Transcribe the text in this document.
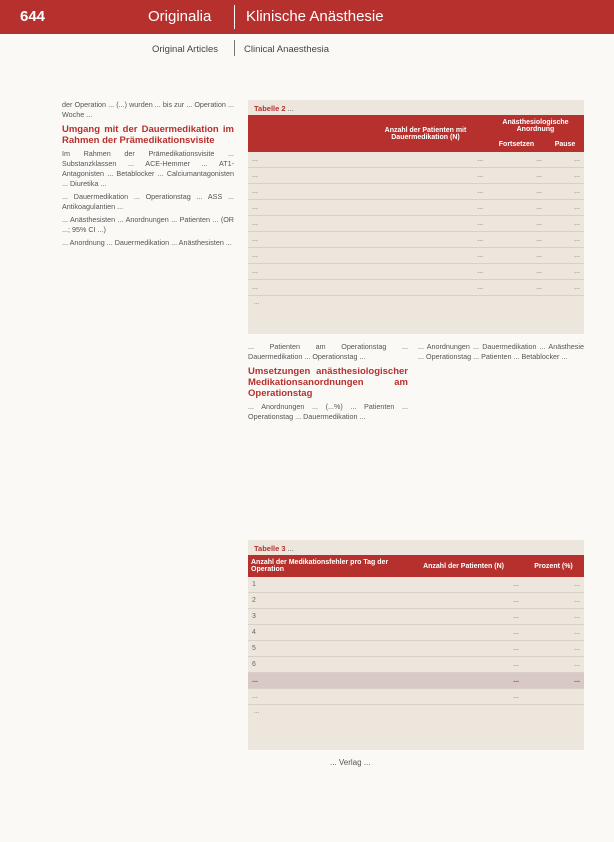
644	Originalia Klinische Anästhesie
Original Articles	Clinical Anaesthesia

der Operation ... (...) wurden ... bis zur ... Operation ... Woche ...

Umgang mit der Dauermedikation im Rahmen der Prämedikationsvisite

Im Rahmen der Prämedikationsvisite ... Substanzklassen ... ACE-Hemmer ... AT1-Antagonisten ... Betablocker ... Calciumantagonisten ... Diuretika ...

... Dauermedikation ... Operationstag ... ASS ... Antikoagulantien ...

... Anästhesisten ... Anordnungen ... Patienten ... (OR ...; 95% CI ...)

... Anordnung ... Dauermedikation ... Anästhesisten ...

Tabelle 2 ...
	Anzahl der Patienten mit Dauermedikation (N)	Anästhesiologische Anordnung	
		Fortsetzen	Pause
...	...	...	...
...	...	...	...
...	...	...	...
...	...	...	...
...	...	...	...
...	...	...	...
...	...	...	...
...	...	...	...
...	...	...	...
...

... Patienten am Operationstag ... Dauermedikation ... Operationstag ...

Umsetzungen anästhesiologischer Medikationsanordnungen am Operationstag

... Anordnungen ... (...%) ... Patienten ... Operationstag ... Dauermedikation ...

... Anordnungen ... Dauermedikation ... Anästhesie ... Operationstag ... Patienten ... Betablocker ...

Tabelle 3 ...
Anzahl der Medikationsfehler pro Tag der Operation	Anzahl der Patienten (N)	Prozent (%)
1	...	...
2	...	...
3	...	...
4	...	...
5	...	...
6	...	...
...	...	...
...	...	
...
... Verlag ...
